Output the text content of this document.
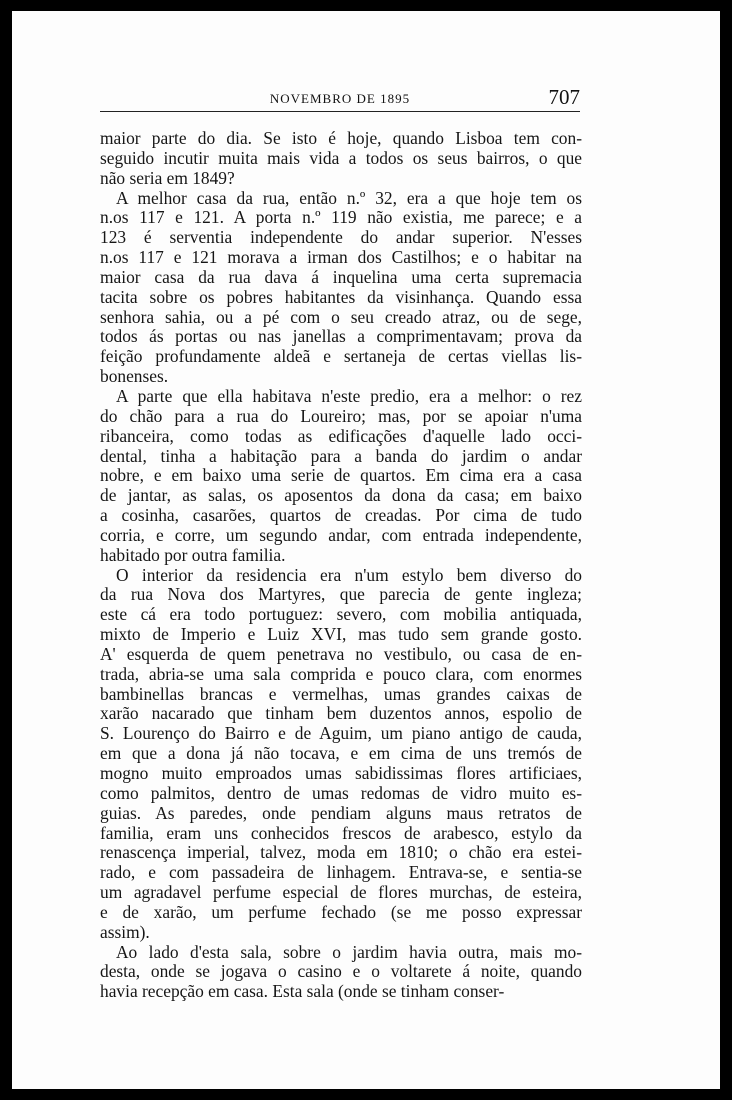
NOVEMBRO DE 1895	707

maior parte do dia. Se isto é hoje, quando Lisboa tem con-
seguido incutir muita mais vida a todos os seus bairros, o que
não seria em 1849?

A melhor casa da rua, então n.º 32, era a que hoje tem os
n.os 117 e 121. A porta n.º 119 não existia, me parece; e a
123 é serventia independente do andar superior. N'esses
n.os 117 e 121 morava a irman dos Castilhos; e o habitar na
maior casa da rua dava á inquelina uma certa supremacia
tacita sobre os pobres habitantes da visinhança. Quando essa
senhora sahia, ou a pé com o seu creado atraz, ou de sege,
todos ás portas ou nas janellas a comprimentavam; prova da
feição profundamente aldeã e sertaneja de certas viellas lis-
bonenses.

A parte que ella habitava n'este predio, era a melhor: o rez
do chão para a rua do Loureiro; mas, por se apoiar n'uma
ribanceira, como todas as edificações d'aquelle lado occi-
dental, tinha a habitação para a banda do jardim o andar
nobre, e em baixo uma serie de quartos. Em cima era a casa
de jantar, as salas, os aposentos da dona da casa; em baixo
a cosinha, casarões, quartos de creadas. Por cima de tudo
corria, e corre, um segundo andar, com entrada independente,
habitado por outra familia.

O interior da residencia era n'um estylo bem diverso do
da rua Nova dos Martyres, que parecia de gente ingleza;
este cá era todo portuguez: severo, com mobilia antiquada,
mixto de Imperio e Luiz XVI, mas tudo sem grande gosto.
A' esquerda de quem penetrava no vestibulo, ou casa de en-
trada, abria-se uma sala comprida e pouco clara, com enormes
bambinellas brancas e vermelhas, umas grandes caixas de
xarão nacarado que tinham bem duzentos annos, espolio de
S. Lourenço do Bairro e de Aguim, um piano antigo de cauda,
em que a dona já não tocava, e em cima de uns tremós de
mogno muito emproados umas sabidissimas flores artificiaes,
como palmitos, dentro de umas redomas de vidro muito es-
guias. As paredes, onde pendiam alguns maus retratos de
familia, eram uns conhecidos frescos de arabesco, estylo da
renascença imperial, talvez, moda em 1810; o chão era estei-
rado, e com passadeira de linhagem. Entrava-se, e sentia-se
um agradavel perfume especial de flores murchas, de esteira,
e de xarão, um perfume fechado (se me posso expressar
assim).

Ao lado d'esta sala, sobre o jardim havia outra, mais mo-
desta, onde se jogava o casino e o voltarete á noite, quando
havia recepção em casa. Esta sala (onde se tinham conser-
